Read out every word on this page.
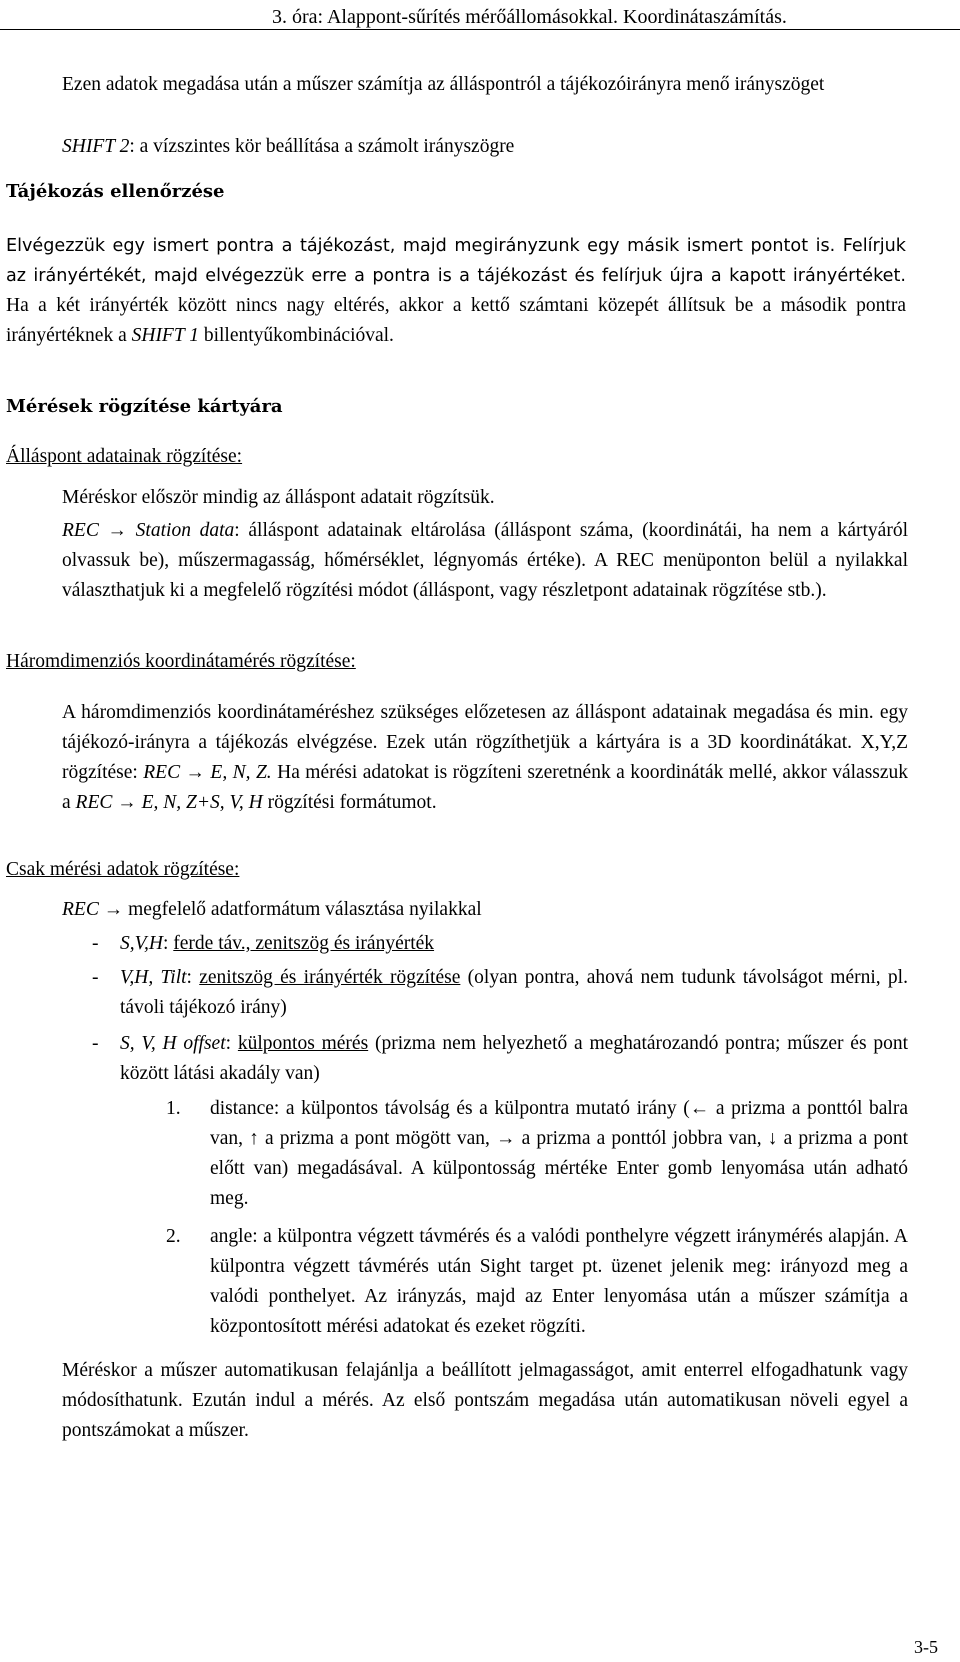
3. óra: Alappont-sűrítés mérőállomásokkal. Koordinátaszámítás.
Ezen adatok megadása után a műszer számítja az álláspontról a tájékozóirányra menő irányszöget
SHIFT 2: a vízszintes kör beállítása a számolt irányszögre
Tájékozás ellenőrzése
Elvégezzük egy ismert pontra a tájékozást, majd megirányzunk egy másik ismert pontot is. Felírjuk az irányértékét, majd elvégezzük erre a pontra is a tájékozást és felírjuk újra a kapott irányértéket. Ha a két irányérték között nincs nagy eltérés, akkor a kettő számtani közepét állítsuk be a második pontra irányértéknek a SHIFT 1 billentyűkombinációval.
Mérések rögzítése kártyára
Álláspont adatainak rögzítése:
Méréskor először mindig az álláspont adatait rögzítsük.
REC → Station data: álláspont adatainak eltárolása (álláspont száma, (koordinátái, ha nem a kártyáról olvassuk be), műszermagasság, hőmérséklet, légnyomás értéke). A REC menüponton belül a nyilakkal választhatjuk ki a megfelelő rögzítési módot (álláspont, vagy részletpont adatainak rögzítése stb.).
Háromdimenziós koordinátamérés rögzítése:
A háromdimenziós koordinátaméréshez szükséges előzetesen az álláspont adatainak megadása és min. egy tájékozó-irányra a tájékozás elvégzése. Ezek után rögzíthetjük a kártyára is a 3D koordinátákat. X,Y,Z rögzítése: REC → E, N, Z. Ha mérési adatokat is rögzíteni szeretnénk a koordináták mellé, akkor válasszuk a REC → E, N, Z+S, V, H rögzítési formátumot.
Csak mérési adatok rögzítése:
REC → megfelelő adatformátum választása nyilakkal
- S,V,H: ferde táv., zenitszög és irányérték
- V,H, Tilt: zenitszög és irányérték rögzítése (olyan pontra, ahová nem tudunk távolságot mérni, pl. távoli tájékozó irány)
- S, V, H offset: külpontos mérés (prizma nem helyezhető a meghatározandó pontra; műszer és pont között látási akadály van)
1. distance: a külpontos távolság és a külpontra mutató irány (← a prizma a ponttól balra van, ↑ a prizma a pont mögött van, → a prizma a ponttól jobbra van, ↓ a prizma a pont előtt van) megadásával. A külpontosság mértéke Enter gomb lenyomása után adható meg.
2. angle: a külpontra végzett távmérés és a valódi ponthelyre végzett iránymérés alapján. A külpontra végzett távmérés után Sight target pt. üzenet jelenik meg: irányozd meg a valódi ponthelyet. Az irányzás, majd az Enter lenyomása után a műszer számítja a központosított mérési adatokat és ezeket rögzíti.
Méréskor a műszer automatikusan felajánlja a beállított jelmagasságot, amit enterrel elfogadhatunk vagy módosíthatunk. Ezután indul a mérés. Az első pontszám megadása után automatikusan növeli egyel a pontszámokat a műszer.
3-5
